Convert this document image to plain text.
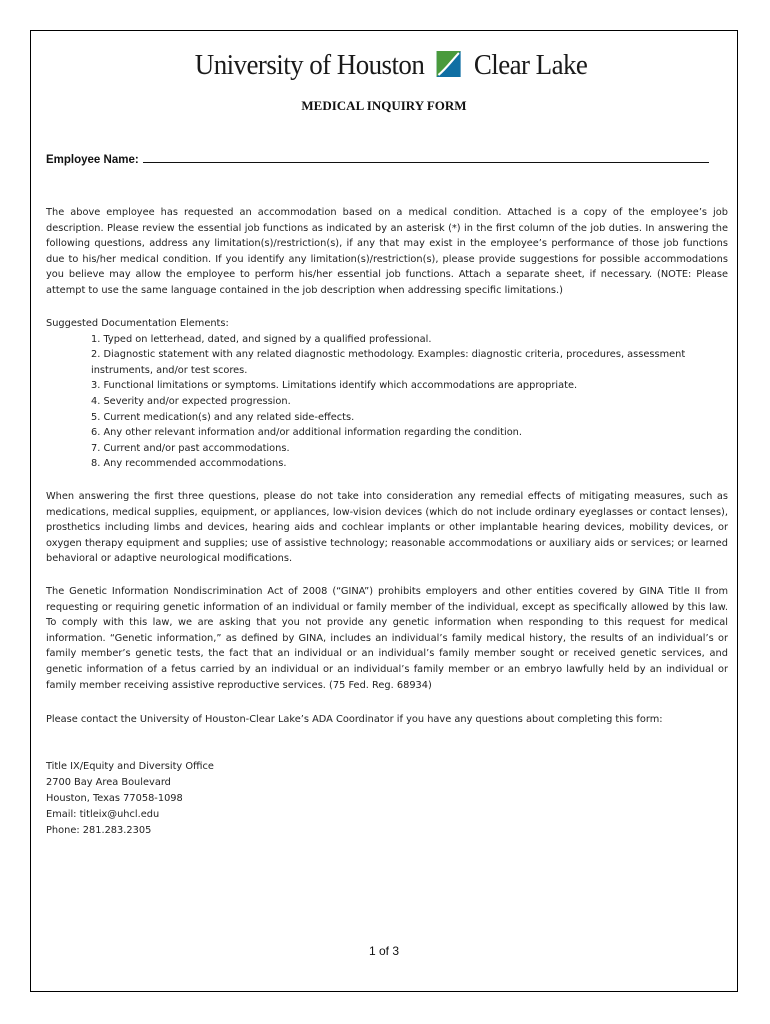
University of Houston Clear Lake
MEDICAL INQUIRY FORM
Employee Name:
The above employee has requested an accommodation based on a medical condition. Attached is a copy of the employee’s job description. Please review the essential job functions as indicated by an asterisk (*) in the first column of the job duties. In answering the following questions, address any limitation(s)/restriction(s), if any that may exist in the employee’s performance of those job functions due to his/her medical condition. If you identify any limitation(s)/restriction(s), please provide suggestions for possible accommodations you believe may allow the employee to perform his/her essential job functions. Attach a separate sheet, if necessary. (NOTE: Please attempt to use the same language contained in the job description when addressing specific limitations.)
Suggested Documentation Elements:
1. Typed on letterhead, dated, and signed by a qualified professional.
2. Diagnostic statement with any related diagnostic methodology. Examples: diagnostic criteria, procedures, assessment instruments, and/or test scores.
3. Functional limitations or symptoms. Limitations identify which accommodations are appropriate.
4. Severity and/or expected progression.
5. Current medication(s) and any related side-effects.
6. Any other relevant information and/or additional information regarding the condition.
7. Current and/or past accommodations.
8. Any recommended accommodations.
When answering the first three questions, please do not take into consideration any remedial effects of mitigating measures, such as medications, medical supplies, equipment, or appliances, low-vision devices (which do not include ordinary eyeglasses or contact lenses), prosthetics including limbs and devices, hearing aids and cochlear implants or other implantable hearing devices, mobility devices, or oxygen therapy equipment and supplies; use of assistive technology; reasonable accommodations or auxiliary aids or services; or learned behavioral or adaptive neurological modifications.
The Genetic Information Nondiscrimination Act of 2008 (“GINA”) prohibits employers and other entities covered by GINA Title II from requesting or requiring genetic information of an individual or family member of the individual, except as specifically allowed by this law. To comply with this law, we are asking that you not provide any genetic information when responding to this request for medical information. “Genetic information,” as defined by GINA, includes an individual’s family medical history, the results of an individual’s or family member’s genetic tests, the fact that an individual or an individual’s family member sought or received genetic services, and genetic information of a fetus carried by an individual or an individual’s family member or an embryo lawfully held by an individual or family member receiving assistive reproductive services. (75 Fed. Reg. 68934)
Please contact the University of Houston-Clear Lake’s ADA Coordinator if you have any questions about completing this form:
Title IX/Equity and Diversity Office
2700 Bay Area Boulevard
Houston, Texas 77058-1098
Email: titleix@uhcl.edu
Phone: 281.283.2305
1 of 3
